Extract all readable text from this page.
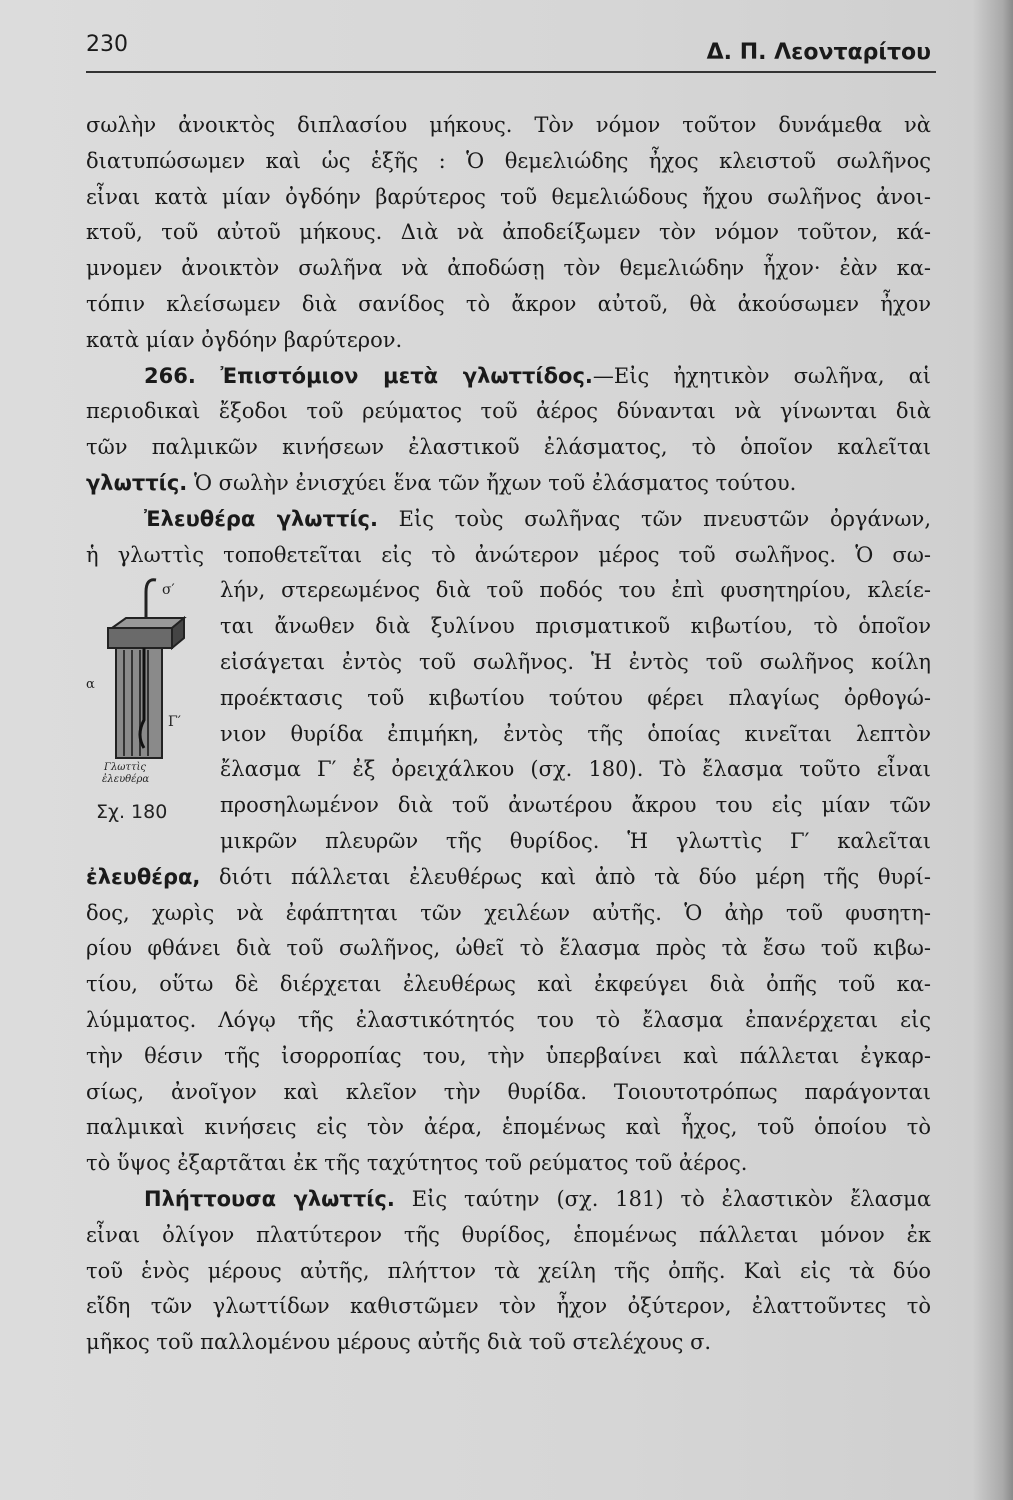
230	Δ. Π. Λεονταρίτου
σωλὴν ἀνοικτὸς διπλασίου μήκους. Τὸν νόμον τοῦτον δυνάμεθα νὰ
διατυπώσωμεν καὶ ὡς ἑξῆς : Ὁ θεμελιώδης ἦχος κλειστοῦ σωλῆνος
εἶναι κατὰ μίαν ὀγδόην βαρύτερος τοῦ θεμελιώδους ἤχου σωλῆνος ἀνοι-
κτοῦ, τοῦ αὐτοῦ μήκους. Διὰ νὰ ἀποδείξωμεν τὸν νόμον τοῦτον, κά-
μνομεν ἀνοικτὸν σωλῆνα νὰ ἀποδώσῃ τὸν θεμελιώδην ἦχον· ἐὰν κα-
τόπιν κλείσωμεν διὰ σανίδος τὸ ἄκρον αὐτοῦ, θὰ ἀκούσωμεν ἦχον
κατὰ μίαν ὀγδόην βαρύτερον.
266. Ἐπιστόμιον μετὰ γλωττίδος.—Εἰς ἠχητικὸν σωλῆνα, αἱ
περιοδικαὶ ἔξοδοι τοῦ ρεύματος τοῦ ἀέρος δύνανται νὰ γίνωνται διὰ
τῶν παλμικῶν κινήσεων ἐλαστικοῦ ἐλάσματος, τὸ ὁποῖον καλεῖται
γλωττίς. Ὁ σωλὴν ἐνισχύει ἕνα τῶν ἤχων τοῦ ἐλάσματος τούτου.
Ἐλευθέρα γλωττίς. Εἰς τοὺς σωλῆνας τῶν πνευστῶν ὀργάνων,
ἡ γλωττὶς τοποθετεῖται εἰς τὸ ἀνώτερον μέρος τοῦ σωλῆνος. Ὁ σω-
λήν, στερεωμένος διὰ τοῦ ποδός του ἐπὶ φυσητηρίου, κλείε-
ται ἄνωθεν διὰ ξυλίνου πρισματικοῦ κιβωτίου, τὸ ὁποῖον
εἰσάγεται ἐντὸς τοῦ σωλῆνος. Ἡ ἐντὸς τοῦ σωλῆνος κοίλη
προέκτασις τοῦ κιβωτίου τούτου φέρει πλαγίως ὀρθογώ-
νιον θυρίδα ἐπιμήκη, ἐντὸς τῆς ὁποίας κινεῖται λεπτὸν
ἔλασμα Γ′ ἐξ ὀρειχάλκου (σχ. 180). Τὸ ἔλασμα τοῦτο εἶναι
προσηλωμένον διὰ τοῦ ἀνωτέρου ἄκρου του εἰς μίαν τῶν
μικρῶν πλευρῶν τῆς θυρίδος. Ἡ γλωττὶς Γ′ καλεῖται
ἐλευθέρα, διότι πάλλεται ἐλευθέρως καὶ ἀπὸ τὰ δύο μέρη τῆς θυρί-
δος, χωρὶς νὰ ἐφάπτηται τῶν χειλέων αὐτῆς. Ὁ ἀὴρ τοῦ φυσητη-
ρίου φθάνει διὰ τοῦ σωλῆνος, ὠθεῖ τὸ ἔλασμα πρὸς τὰ ἔσω τοῦ κιβω-
τίου, οὕτω δὲ διέρχεται ἐλευθέρως καὶ ἐκφεύγει διὰ ὀπῆς τοῦ κα-
λύμματος. Λόγῳ τῆς ἐλαστικότητός του τὸ ἔλασμα ἐπανέρχεται εἰς
τὴν θέσιν τῆς ἰσορροπίας του, τὴν ὑπερβαίνει καὶ πάλλεται ἐγκαρ-
σίως, ἀνοῖγον καὶ κλεῖον τὴν θυρίδα. Τοιουτοτρόπως παράγονται
παλμικαὶ κινήσεις εἰς τὸν ἀέρα, ἑπομένως καὶ ἦχος, τοῦ ὁποίου τὸ
τὸ ὕψος ἐξαρτᾶται ἐκ τῆς ταχύτητος τοῦ ρεύματος τοῦ ἀέρος.
Πλήττουσα γλωττίς. Εἰς ταύτην (σχ. 181) τὸ ἐλαστικὸν ἔλασμα
εἶναι ὀλίγον πλατύτερον τῆς θυρίδος, ἑπομένως πάλλεται μόνον ἐκ
τοῦ ἑνὸς μέρους αὐτῆς, πλήττον τὰ χείλη τῆς ὀπῆς. Καὶ εἰς τὰ δύο
εἴδη τῶν γλωττίδων καθιστῶμεν τὸν ἦχον ὀξύτερον, ἐλαττοῦντες τὸ
μῆκος τοῦ παλλομένου μέρους αὐτῆς διὰ τοῦ στελέχους σ.
σ′
α
Γ′
Γλωττὶς
ἐλευθέρα
Σχ. 180
